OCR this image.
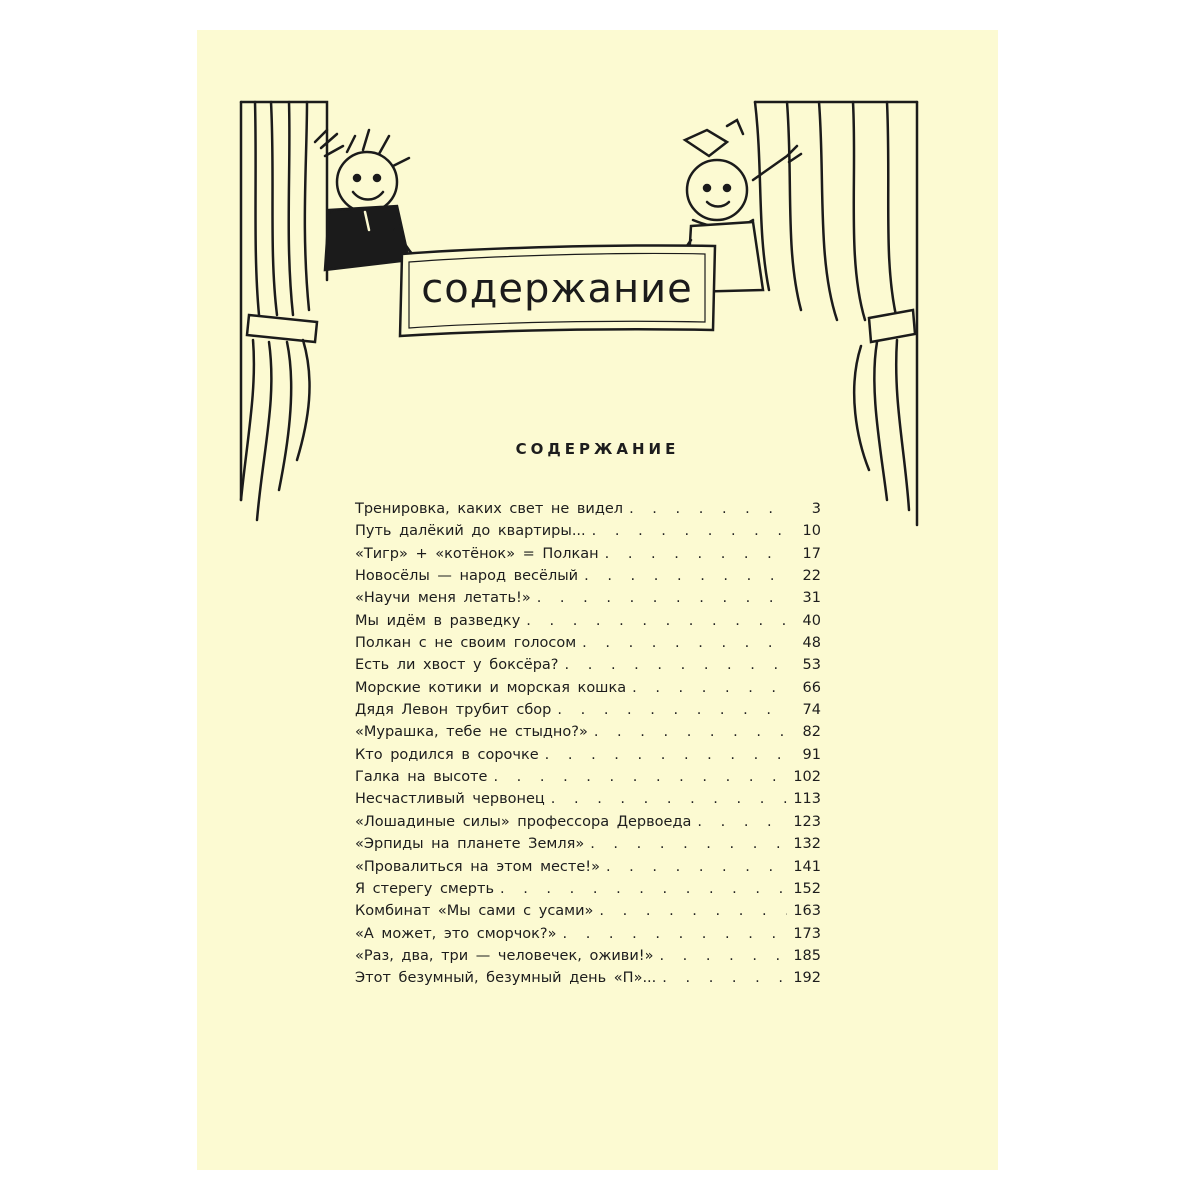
содержание
СОДЕРЖАНИЕ
Тренировка, каких свет не видел . . .	3
Путь далёкий до квартиры... . . .	10
«Тигр» + «котёнок» = Полкан . . .	17
Новосёлы — народ весёлый . . .	22
«Научи меня летать!» . . .	31
Мы идём в разведку . . .	40
Полкан с не своим голосом . . .	48
Есть ли хвост у боксёра? . . .	53
Морские котики и морская кошка . . .	66
Дядя Левон трубит сбор . . .	74
«Мурашка, тебе не стыдно?» . . .	82
Кто родился в сорочке . . .	91
Галка на высоте . . .	102
Несчастливый червонец . . .	113
«Лошадиные силы» профессора Дервоеда . . .	123
«Эрпиды на планете Земля» . . .	132
«Провалиться на этом месте!» . . .	141
Я стерегу смерть . . .	152
Комбинат «Мы сами с усами» . . .	163
«А может, это сморчок?» . . .	173
«Раз, два, три — человечек, оживи!» . . .	185
Этот безумный, безумный день «П»... . . .	192
